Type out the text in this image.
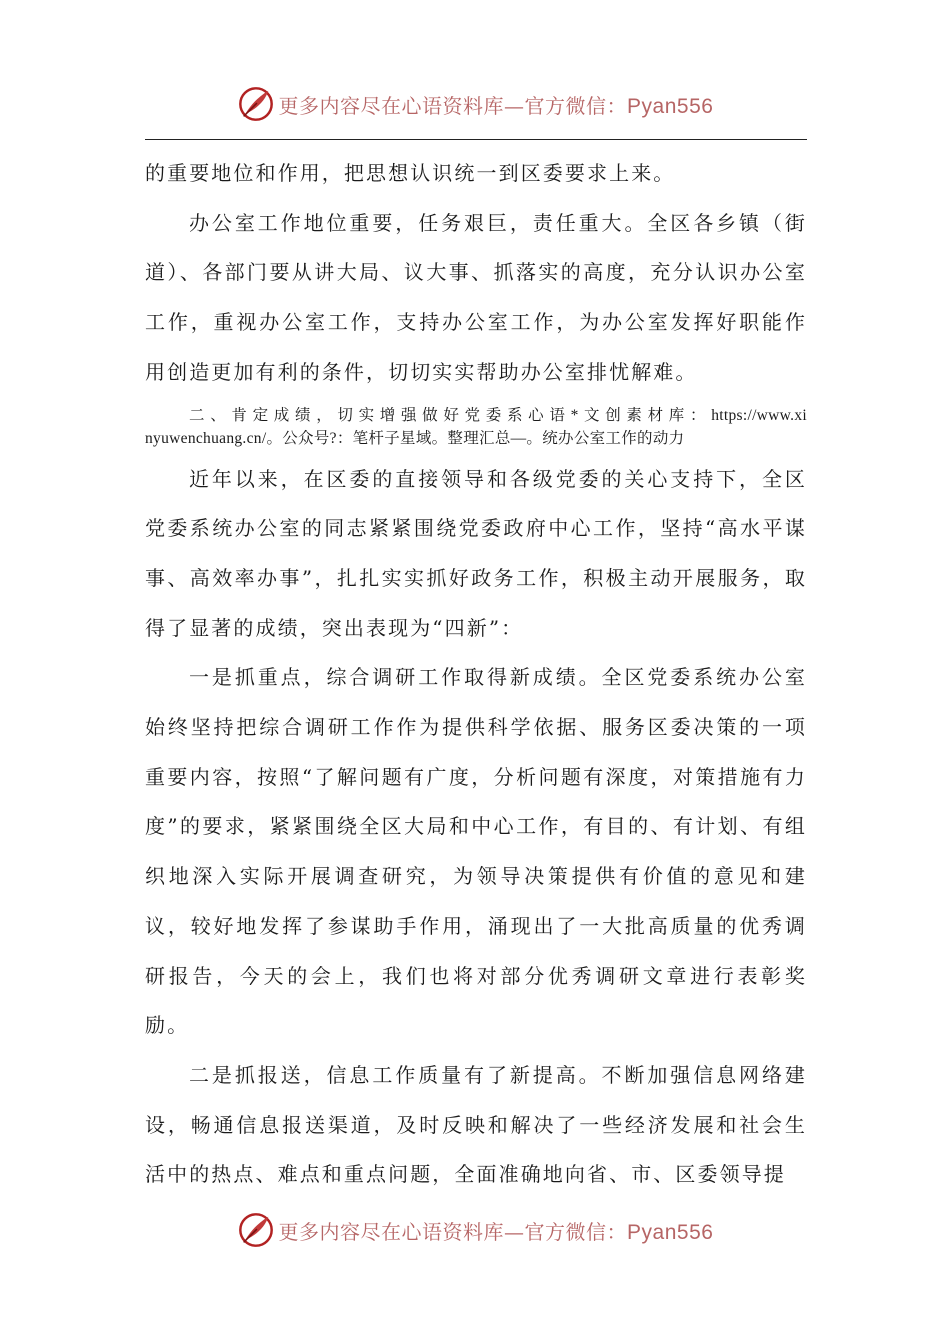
更多内容尽在心语资料库—官方微信：Pyan556

的重要地位和作用，把思想认识统一到区委要求上来。

办公室工作地位重要，任务艰巨，责任重大。全区各乡镇（街道）、各部门要从讲大局、议大事、抓落实的高度，充分认识办公室工作，重视办公室工作，支持办公室工作，为办公室发挥好职能作用创造更加有利的条件，切切实实帮助办公室排忧解难。

二、肯定成绩，切实增强做好党委系心语*文创素材库：https://www.xinyuwenchuang.cn/。公众号?：笔杆子星域。整理汇总—。统办公室工作的动力

近年以来，在区委的直接领导和各级党委的关心支持下，全区党委系统办公室的同志紧紧围绕党委政府中心工作，坚持“高水平谋事、高效率办事”，扎扎实实抓好政务工作，积极主动开展服务，取得了显著的成绩，突出表现为“四新”：

一是抓重点，综合调研工作取得新成绩。全区党委系统办公室始终坚持把综合调研工作作为提供科学依据、服务区委决策的一项重要内容，按照“了解问题有广度，分析问题有深度，对策措施有力度”的要求，紧紧围绕全区大局和中心工作，有目的、有计划、有组织地深入实际开展调查研究，为领导决策提供有价值的意见和建议，较好地发挥了参谋助手作用，涌现出了一大批高质量的优秀调研报告，今天的会上，我们也将对部分优秀调研文章进行表彰奖励。

二是抓报送，信息工作质量有了新提高。不断加强信息网络建设，畅通信息报送渠道，及时反映和解决了一些经济发展和社会生活中的热点、难点和重点问题，全面准确地向省、市、区委领导提

更多内容尽在心语资料库—官方微信：Pyan556
